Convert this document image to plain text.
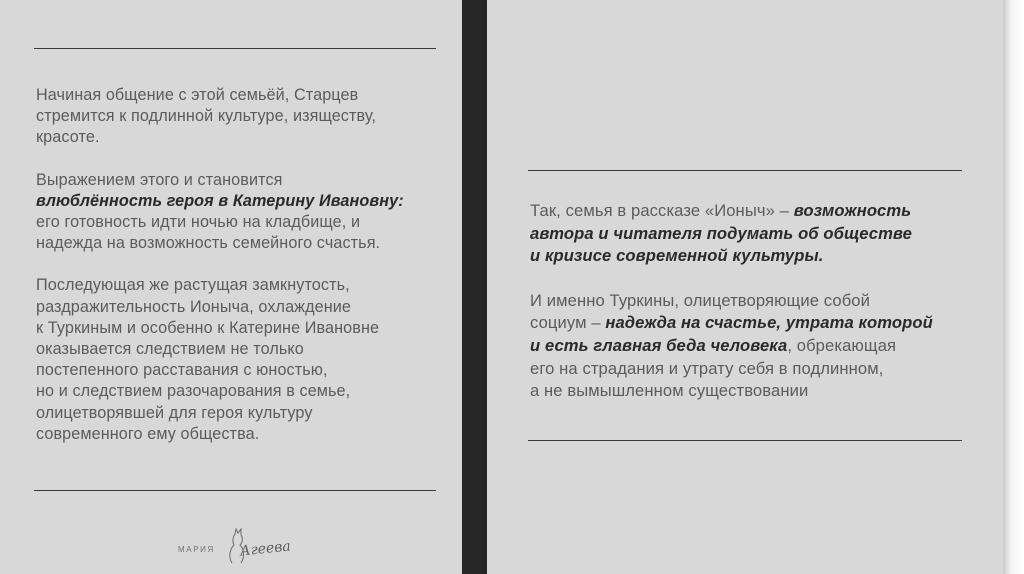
Начиная общение с этой семьёй, Старцев
стремится к подлинной культуре, изяществу,
красоте.

Выражением этого и становится
влюблённость героя в Катерину Ивановну:
его готовность идти ночью на кладбище, и
надежда на возможность семейного счастья.

Последующая же растущая замкнутость,
раздражительность Ионыча, охлаждение
к Туркиным и особенно к Катерине Ивановне
оказывается следствием не только
постепенного расставания с юностью,
но и следствием разочарования в семье,
олицетворявшей для героя культуру
современного ему общества.

МАРИЯ Агеева

Так, семья в рассказе «Ионыч» – возможность
автора и читателя подумать об обществе
и кризисе современной культуры.

И именно Туркины, олицетворяющие собой
социум – надежда на счастье, утрата которой
и есть главная беда человека, обрекающая
его на страдания и утрату себя в подлинном,
а не вымышленном существовании
